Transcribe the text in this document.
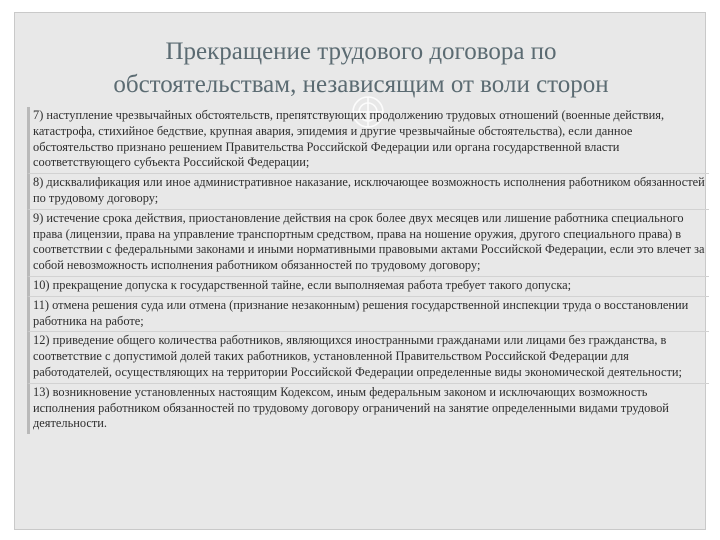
Прекращение трудового договора по
обстоятельствам, независящим от воли сторон
7) наступление чрезвычайных обстоятельств, препятствующих продолжению трудовых отношений (военные действия, катастрофа, стихийное бедствие, крупная авария, эпидемия и другие чрезвычайные обстоятельства), если данное обстоятельство признано решением Правительства Российской Федерации или органа государственной власти соответствующего субъекта Российской Федерации;
8) дисквалификация или иное административное наказание, исключающее возможность исполнения работником обязанностей по трудовому договору;
9) истечение срока действия, приостановление действия на срок более двух месяцев или лишение работника специального права (лицензии, права на управление транспортным средством, права на ношение оружия, другого специального права) в соответствии с федеральными законами и иными нормативными правовыми актами Российской Федерации, если это влечет за собой невозможность исполнения работником обязанностей по трудовому договору;
10) прекращение допуска к государственной тайне, если выполняемая работа требует такого допуска;
11) отмена решения суда или отмена (признание незаконным) решения государственной инспекции труда о восстановлении работника на работе;
12) приведение общего количества работников, являющихся иностранными гражданами или лицами без гражданства, в соответствие с допустимой долей таких работников, установленной Правительством Российской Федерации для работодателей, осуществляющих на территории Российской Федерации определенные виды экономической деятельности;
13) возникновение установленных настоящим Кодексом, иным федеральным законом и исключающих возможность исполнения работником обязанностей по трудовому договору ограничений на занятие определенными видами трудовой деятельности.
